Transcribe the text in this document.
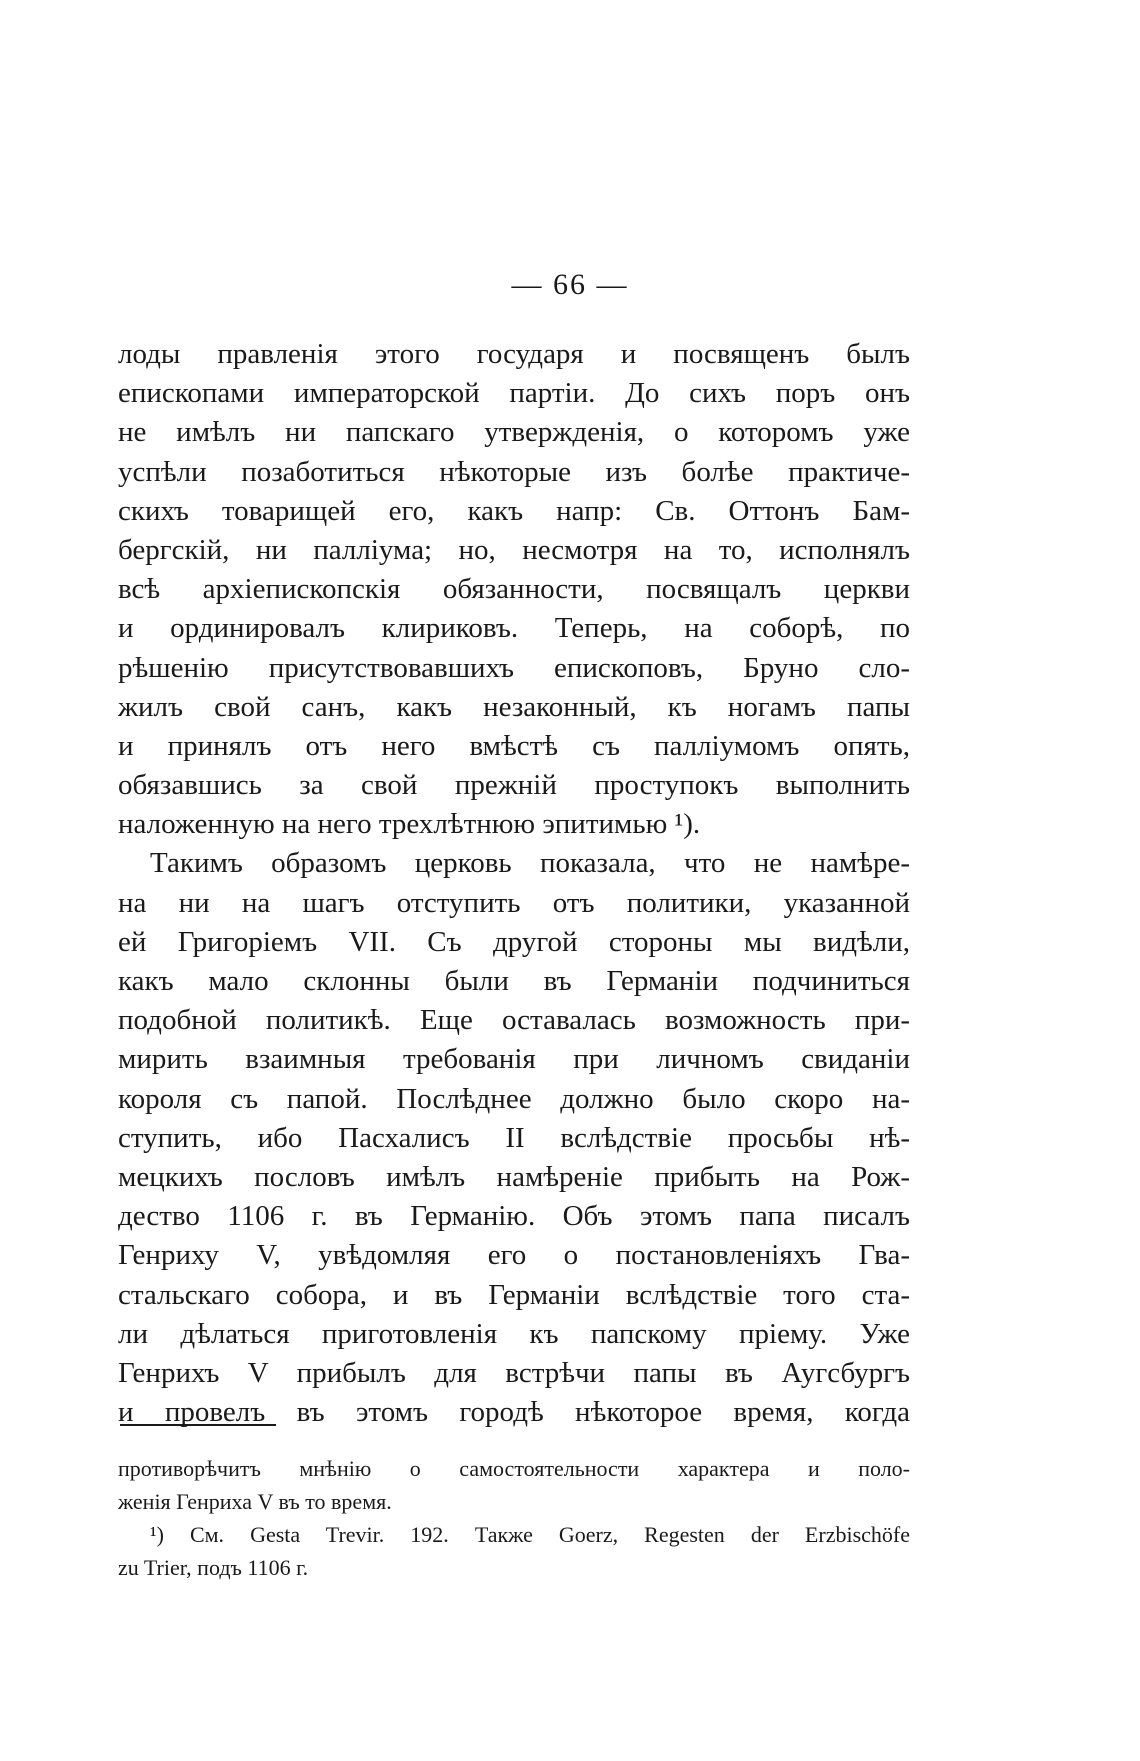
— 66 —
лоды правленія этого государя и посвященъ былъ
епископами императорской партіи. До сихъ поръ онъ
не имѣлъ ни папскаго утвержденія, о которомъ уже
успѣли позаботиться нѣкоторые изъ болѣе практиче-
скихъ товарищей его, какъ напр: Св. Оттонъ Бам-
бергскій, ни палліума; но, несмотря на то, исполнялъ
всѣ архіепископскія обязанности, посвящалъ церкви
и ординировалъ клириковъ. Теперь, на соборѣ, по
рѣшенію присутствовавшихъ епископовъ, Бруно сло-
жилъ свой санъ, какъ незаконный, къ ногамъ папы
и принялъ отъ него вмѣстѣ съ палліумомъ опять,
обязавшись за свой прежній проступокъ выполнить
наложенную на него трехлѣтнюю эпитимью ¹).
Такимъ образомъ церковь показала, что не намѣре-
на ни на шагъ отступить отъ политики, указанной
ей Григоріемъ VII. Съ другой стороны мы видѣли,
какъ мало склонны были въ Германіи подчиниться
подобной политикѣ. Еще оставалась возможность при-
мирить взаимныя требованія при личномъ свиданіи
короля съ папой. Послѣднее должно было скоро на-
ступить, ибо Пасхалисъ II вслѣдствіе просьбы нѣ-
мецкихъ пословъ имѣлъ намѣреніе прибыть на Рож-
дество 1106 г. въ Германію. Объ этомъ папа писалъ
Генриху V, увѣдомляя его о постановленіяхъ Гва-
стальскаго собора, и въ Германіи вслѣдствіе того ста-
ли дѣлаться приготовленія къ папскому пріему. Уже
Генрихъ V прибылъ для встрѣчи папы въ Аугсбургъ
и провелъ въ этомъ городѣ нѣкоторое время, когда
противорѣчитъ мнѣнію о самостоятельности характера и поло-
женія Генриха V въ то время.
¹) См. Gesta Trevir. 192. Также Goerz, Regesten der Erzbischöfe
zu Trier, подъ 1106 г.
